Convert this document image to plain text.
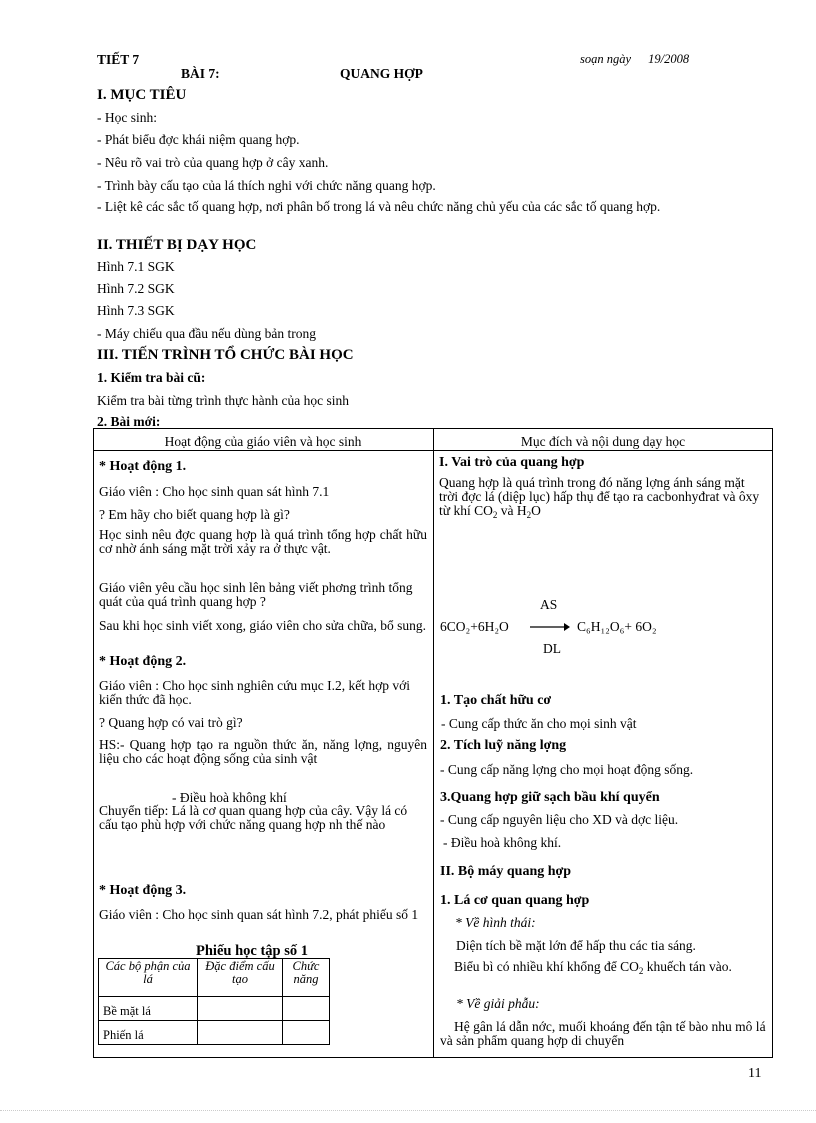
TIẾT 7	soạn ngày 19/2008
BÀI 7:	QUANG HỢP
I. MỤC TIÊU
- Học sinh:
- Phát biểu đợc khái niệm quang hợp.
- Nêu rõ vai trò của quang hợp ở cây xanh.
- Trình bày cấu tạo của lá thích nghi với chức năng quang hợp.
- Liệt kê các sắc tố quang hợp, nơi phân bố trong lá và nêu chức năng chủ yếu của các sắc tố quang hợp.
II. THIẾT BỊ DẠY HỌC
Hình 7.1 SGK
Hình 7.2 SGK
Hình 7.3 SGK
- Máy chiếu qua đầu nếu dùng bản trong
III. TIẾN TRÌNH TỔ CHỨC BÀI HỌC
1. Kiểm tra bài cũ:
Kiểm tra bài từng trình thực hành của học sinh
2. Bài mới:
Hoạt động của giáo viên và học sinh	Mục đích và nội dung dạy học
* Hoạt động 1.
Giáo viên : Cho học sinh quan sát hình 7.1
? Em hãy cho biết quang hợp là gì?
Học sinh nêu đợc quang hợp là quá trình tổng hợp chất hữu cơ nhờ ánh sáng mặt trời xảy ra ở thực vật.
Giáo viên yêu cầu học sinh lên bảng viết phơng trình tổng quát của quá trình quang hợp ?
Sau khi học sinh viết xong, giáo viên cho sửa chữa, bổ sung.
* Hoạt động 2.
Giáo viên : Cho học sinh nghiên cứu mục I.2, kết hợp với kiến thức đã học.
? Quang hợp có vai trò gì?
HS:- Quang hợp tạo ra nguồn thức ăn, năng lợng, nguyên liệu cho các hoạt động sống của sinh vật
- Điều hoà không khí
Chuyển tiếp: Lá là cơ quan quang hợp của cây. Vậy lá có cấu tạo phù hợp với chức năng quang hợp nh thế nào
* Hoạt động 3.
Giáo viên : Cho học sinh quan sát hình 7.2, phát phiếu số 1
Phiếu học tập số 1
Các bộ phận của lá	Đặc điểm cấu tạo	Chức năng
Bề mặt lá		
Phiến lá		
I. Vai trò của quang hợp
Quang hợp là quá trình trong đó năng lợng ánh sáng mặt trời đợc lá (diệp lục) hấp thụ để tạo ra cacbonhyđrat và ôxy từ khí $CO_2$ và $H_2O$
AS
6CO₂+6H₂O	C₆H₁₂O₆+ 6O₂
DL
1. Tạo chất hữu cơ
- Cung cấp thức ăn cho mọi sinh vật
2. Tích luỹ năng lợng
- Cung cấp năng lợng cho mọi hoạt động sống.
3.Quang hợp giữ sạch bầu khí quyển
- Cung cấp nguyên liệu cho XD và dợc liệu.
- Điều hoà không khí.
II. Bộ máy quang hợp
1. Lá cơ quan quang hợp
* Về hình thái:
Diện tích bề mặt lớn để hấp thu các tia sáng.
Biểu bì có nhiều khí khổng để $CO_2$ khuếch tán vào.
* Về giải phẫu:
Hệ gân lá dẫn nớc, muối khoáng đến tận tế bào nhu mô lá và sản phẩm quang hợp di chuyển
11
